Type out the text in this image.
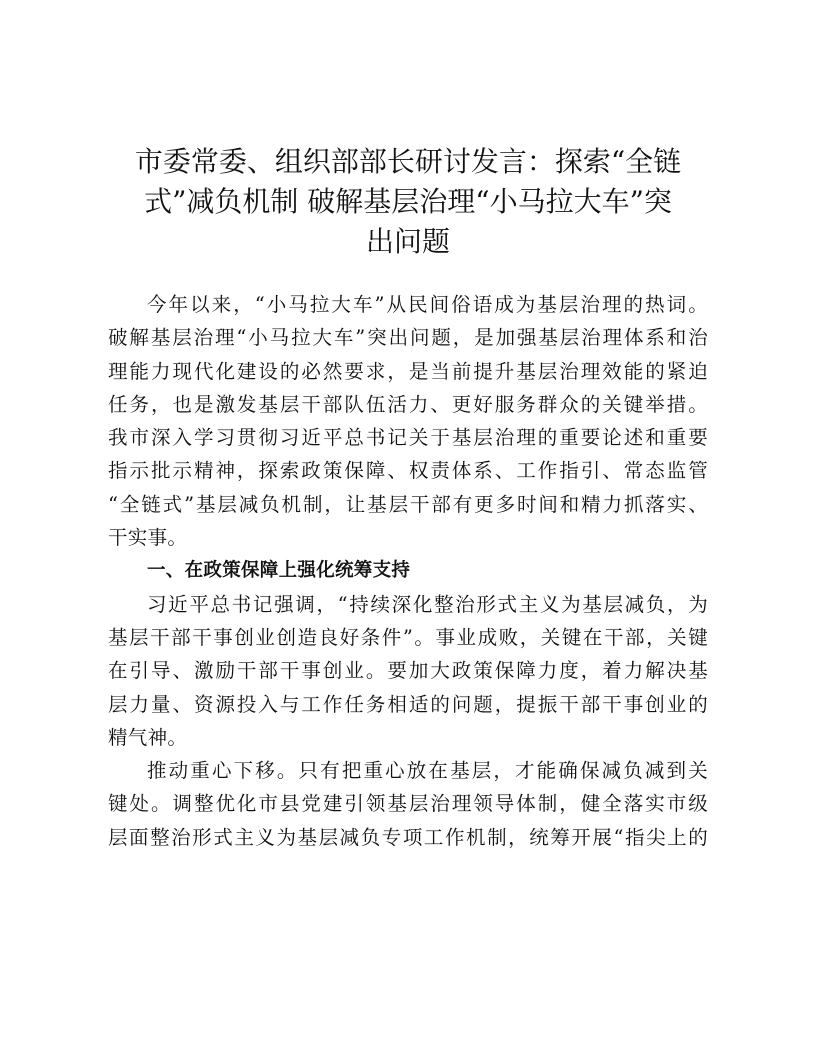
市委常委、组织部部长研讨发言：探索“全链
式”减负机制 破解基层治理“小马拉大车”突
出问题
今年以来，“小马拉大车”从民间俗语成为基层治理的热词。
破解基层治理“小马拉大车”突出问题，是加强基层治理体系和治
理能力现代化建设的必然要求，是当前提升基层治理效能的紧迫
任务，也是激发基层干部队伍活力、更好服务群众的关键举措。
我市深入学习贯彻习近平总书记关于基层治理的重要论述和重要
指示批示精神，探索政策保障、权责体系、工作指引、常态监管
“全链式”基层减负机制，让基层干部有更多时间和精力抓落实、
干实事。
一、在政策保障上强化统筹支持
习近平总书记强调，“持续深化整治形式主义为基层减负，为
基层干部干事创业创造良好条件”。事业成败，关键在干部，关键
在引导、激励干部干事创业。要加大政策保障力度，着力解决基
层力量、资源投入与工作任务相适的问题，提振干部干事创业的
精气神。
推动重心下移。只有把重心放在基层，才能确保减负减到关
键处。调整优化市县党建引领基层治理领导体制，健全落实市级
层面整治形式主义为基层减负专项工作机制，统筹开展“指尖上的
